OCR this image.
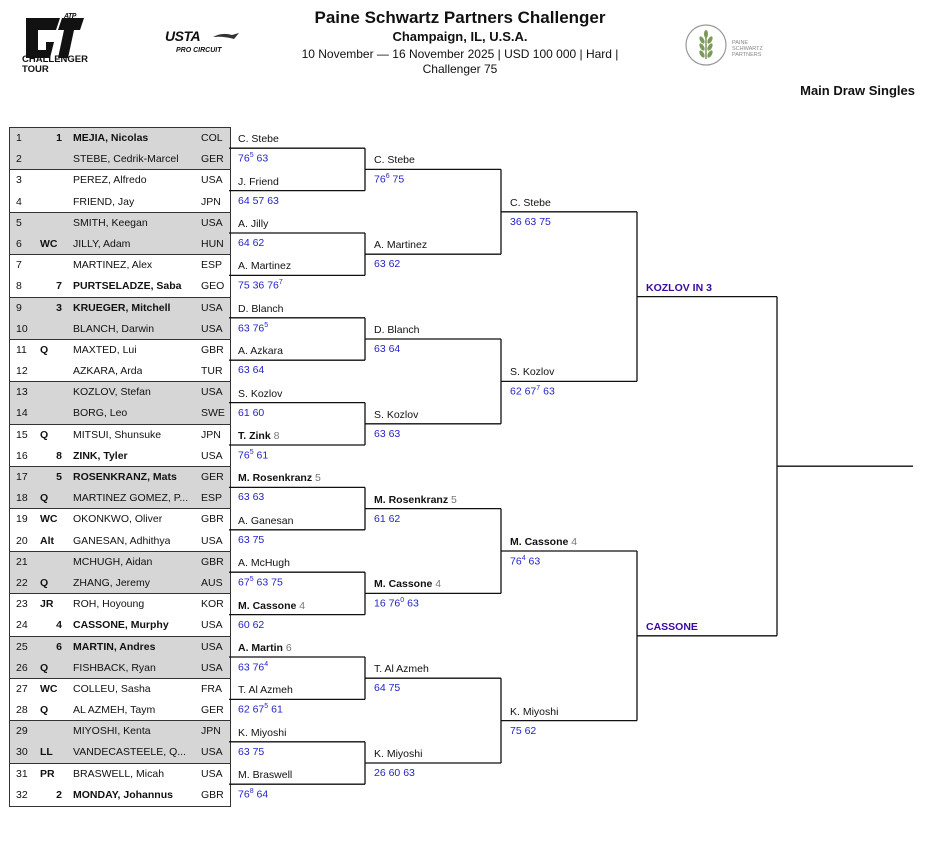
ATP
CHALLENGER TOUR
USTA
PRO CIRCUIT
Paine Schwartz Partners Challenger
Champaign, IL, U.S.A.
10 November — 16 November 2025 | USD 100 000 | Hard |
Challenger 75
PAINE SCHWARTZ PARTNERS
Main Draw Singles
1	1 MEJIA, Nicolas	COL
2	STEBE, Cedrik-Marcel GER
3	PEREZ, Alfredo	USA
4	FRIEND, Jay	JPN
5	SMITH, Keegan	USA
6 WC JILLY, Adam	HUN
7	MARTINEZ, Alex	ESP
8	7 PURTSELADZE, Saba GEO
9	3 KRUEGER, Mitchell	USA
10	BLANCH, Darwin	USA
11 Q MAXTED, Lui	GBR
12	AZKARA, Arda	TUR
13	KOZLOV, Stefan	USA
14	BORG, Leo	SWE
15 Q MITSUI, Shunsuke	JPN
16	8 ZINK, Tyler	USA
17	5 ROSENKRANZ, Mats GER
18 Q MARTINEZ GOMEZ, P... ESP
19 WC OKONKWO, Oliver	GBR
20 Alt GANESAN, Adhithya	USA
21	MCHUGH, Aidan	GBR
22 Q ZHANG, Jeremy	AUS
23 JR ROH, Hoyoung	KOR
24	4 CASSONE, Murphy	USA
25	6 MARTIN, Andres	USA
26 Q FISHBACK, Ryan	USA
27 WC COLLEU, Sasha	FRA
28 Q AL AZMEH, Taym	GER
29	MIYOSHI, Kenta	JPN
30 LL VANDECASTEELE, Q... USA
31 PR BRASWELL, Micah	USA
32	2 MONDAY, Johannus	GBR
C. Stebe
$76^5$ 63
J. Friend
64 57 63
A. Jilly
64 62
A. Martinez
75 36 $76^7$
D. Blanch
63 $76^5$
A. Azkara
63 64
S. Kozlov
61 60
T. Zink 8
$76^5$ 61
M. Rosenkranz 5
63 63
A. Ganesan
63 75
A. McHugh
$67^5$ 63 75
M. Cassone 4
60 62
A. Martin 6
63 $76^4$
T. Al Azmeh
62 $67^5$ 61
K. Miyoshi
63 75
M. Braswell
$76^8$ 64
C. Stebe
$76^6$ 75
A. Martinez
63 62
D. Blanch
63 64
S. Kozlov
63 63
M. Rosenkranz 5
61 62
M. Cassone 4
16 $76^0$ 63
T. Al Azmeh
64 75
K. Miyoshi
26 60 63
C. Stebe
36 63 75
S. Kozlov
62 $67^7$ 63
M. Cassone 4
$76^4$ 63
K. Miyoshi
75 62
KOZLOV IN 3
CASSONE
